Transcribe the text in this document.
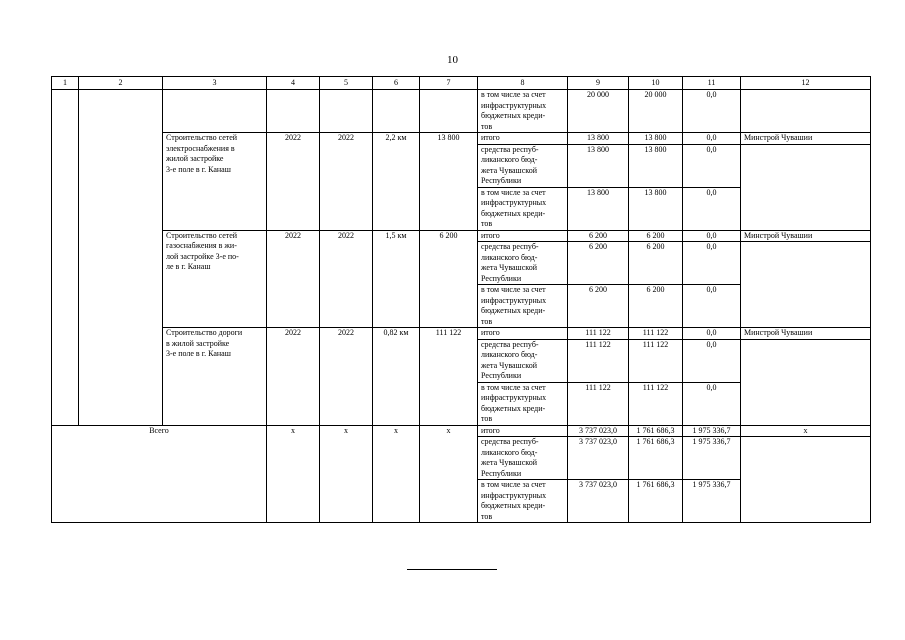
10
1	2	3	4	5	6	7	8	9	10	11	12
							в том числе за счет
инфраструктурных
бюджетных креди-
тов	20 000	20 000	0,0	
		Строительство сетей
электроснабжения в
жилой застройке
3-е поле в г. Канаш	2022	2022	2,2 км	13 800	итого	13 800	13 800	0,0	Минстрой Чувашии
							средства респуб-
ликанского бюд-
жета Чувашской
Республики	13 800	13 800	0,0	
							в том числе за счет
инфраструктурных
бюджетных креди-
тов	13 800	13 800	0,0	
		Строительство сетей
газоснабжения в жи-
лой застройке 3-е по-
ле в г. Канаш	2022	2022	1,5 км	6 200	итого	6 200	6 200	0,0	Минстрой Чувашии
							средства респуб-
ликанского бюд-
жета Чувашской
Республики	6 200	6 200	0,0	
							в том числе за счет
инфраструктурных
бюджетных креди-
тов	6 200	6 200	0,0	
		Строительство дороги
в жилой застройке
3-е поле в г. Канаш	2022	2022	0,82 км	111 122	итого	111 122	111 122	0,0	Минстрой Чувашии
							средства респуб-
ликанского бюд-
жета Чувашской
Республики	111 122	111 122	0,0	
							в том числе за счет
инфраструктурных
бюджетных креди-
тов	111 122	111 122	0,0	
Всего			х	х	х	х	итого	3 737 023,0	1 761 686,3	1 975 336,7	х
							средства респуб-
ликанского бюд-
жета Чувашской
Республики	3 737 023,0	1 761 686,3	1 975 336,7	
							в том числе за счет
инфраструктурных
бюджетных креди-
тов	3 737 023,0	1 761 686,3	1 975 336,7	
